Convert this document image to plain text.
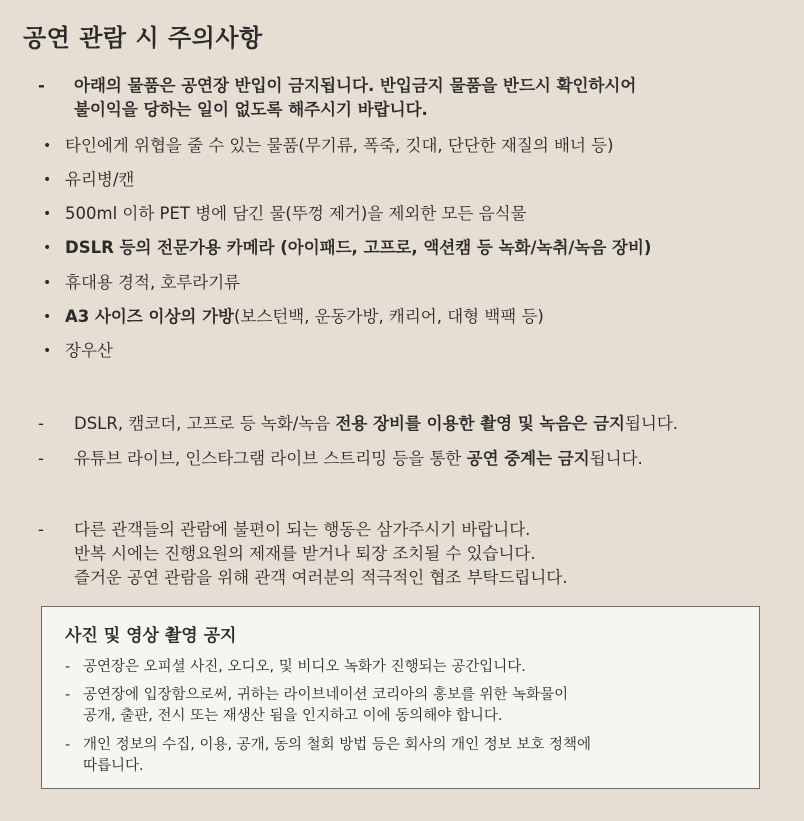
공연 관람 시 주의사항
- 아래의 물품은 공연장 반입이 금지됩니다. 반입금지 물품을 반드시 확인하시어
불이익을 당하는 일이 없도록 해주시기 바랍니다.
• 타인에게 위협을 줄 수 있는 물품(무기류, 폭죽, 깃대, 단단한 재질의 배너 등)
• 유리병/캔
• 500ml 이하 PET 병에 담긴 물(뚜껑 제거)을 제외한 모든 음식물
• DSLR 등의 전문가용 카메라 (아이패드, 고프로, 액션캠 등 녹화/녹취/녹음 장비)
• 휴대용 경적, 호루라기류
• A3 사이즈 이상의 가방(보스턴백, 운동가방, 캐리어, 대형 백팩 등)
• 장우산
- DSLR, 캠코더, 고프로 등 녹화/녹음 전용 장비를 이용한 촬영 및 녹음은 금지됩니다.
- 유튜브 라이브, 인스타그램 라이브 스트리밍 등을 통한 공연 중계는 금지됩니다.
- 다른 관객들의 관람에 불편이 되는 행동은 삼가주시기 바랍니다.
반복 시에는 진행요원의 제재를 받거나 퇴장 조치될 수 있습니다.
즐거운 공연 관람을 위해 관객 여러분의 적극적인 협조 부탁드립니다.
사진 및 영상 촬영 공지
- 공연장은 오피셜 사진, 오디오, 및 비디오 녹화가 진행되는 공간입니다.
- 공연장에 입장함으로써, 귀하는 라이브네이션 코리아의 홍보를 위한 녹화물이
공개, 출판, 전시 또는 재생산 됨을 인지하고 이에 동의해야 합니다.
- 개인 정보의 수집, 이용, 공개, 동의 철회 방법 등은 회사의 개인 정보 보호 정책에
따릅니다.
